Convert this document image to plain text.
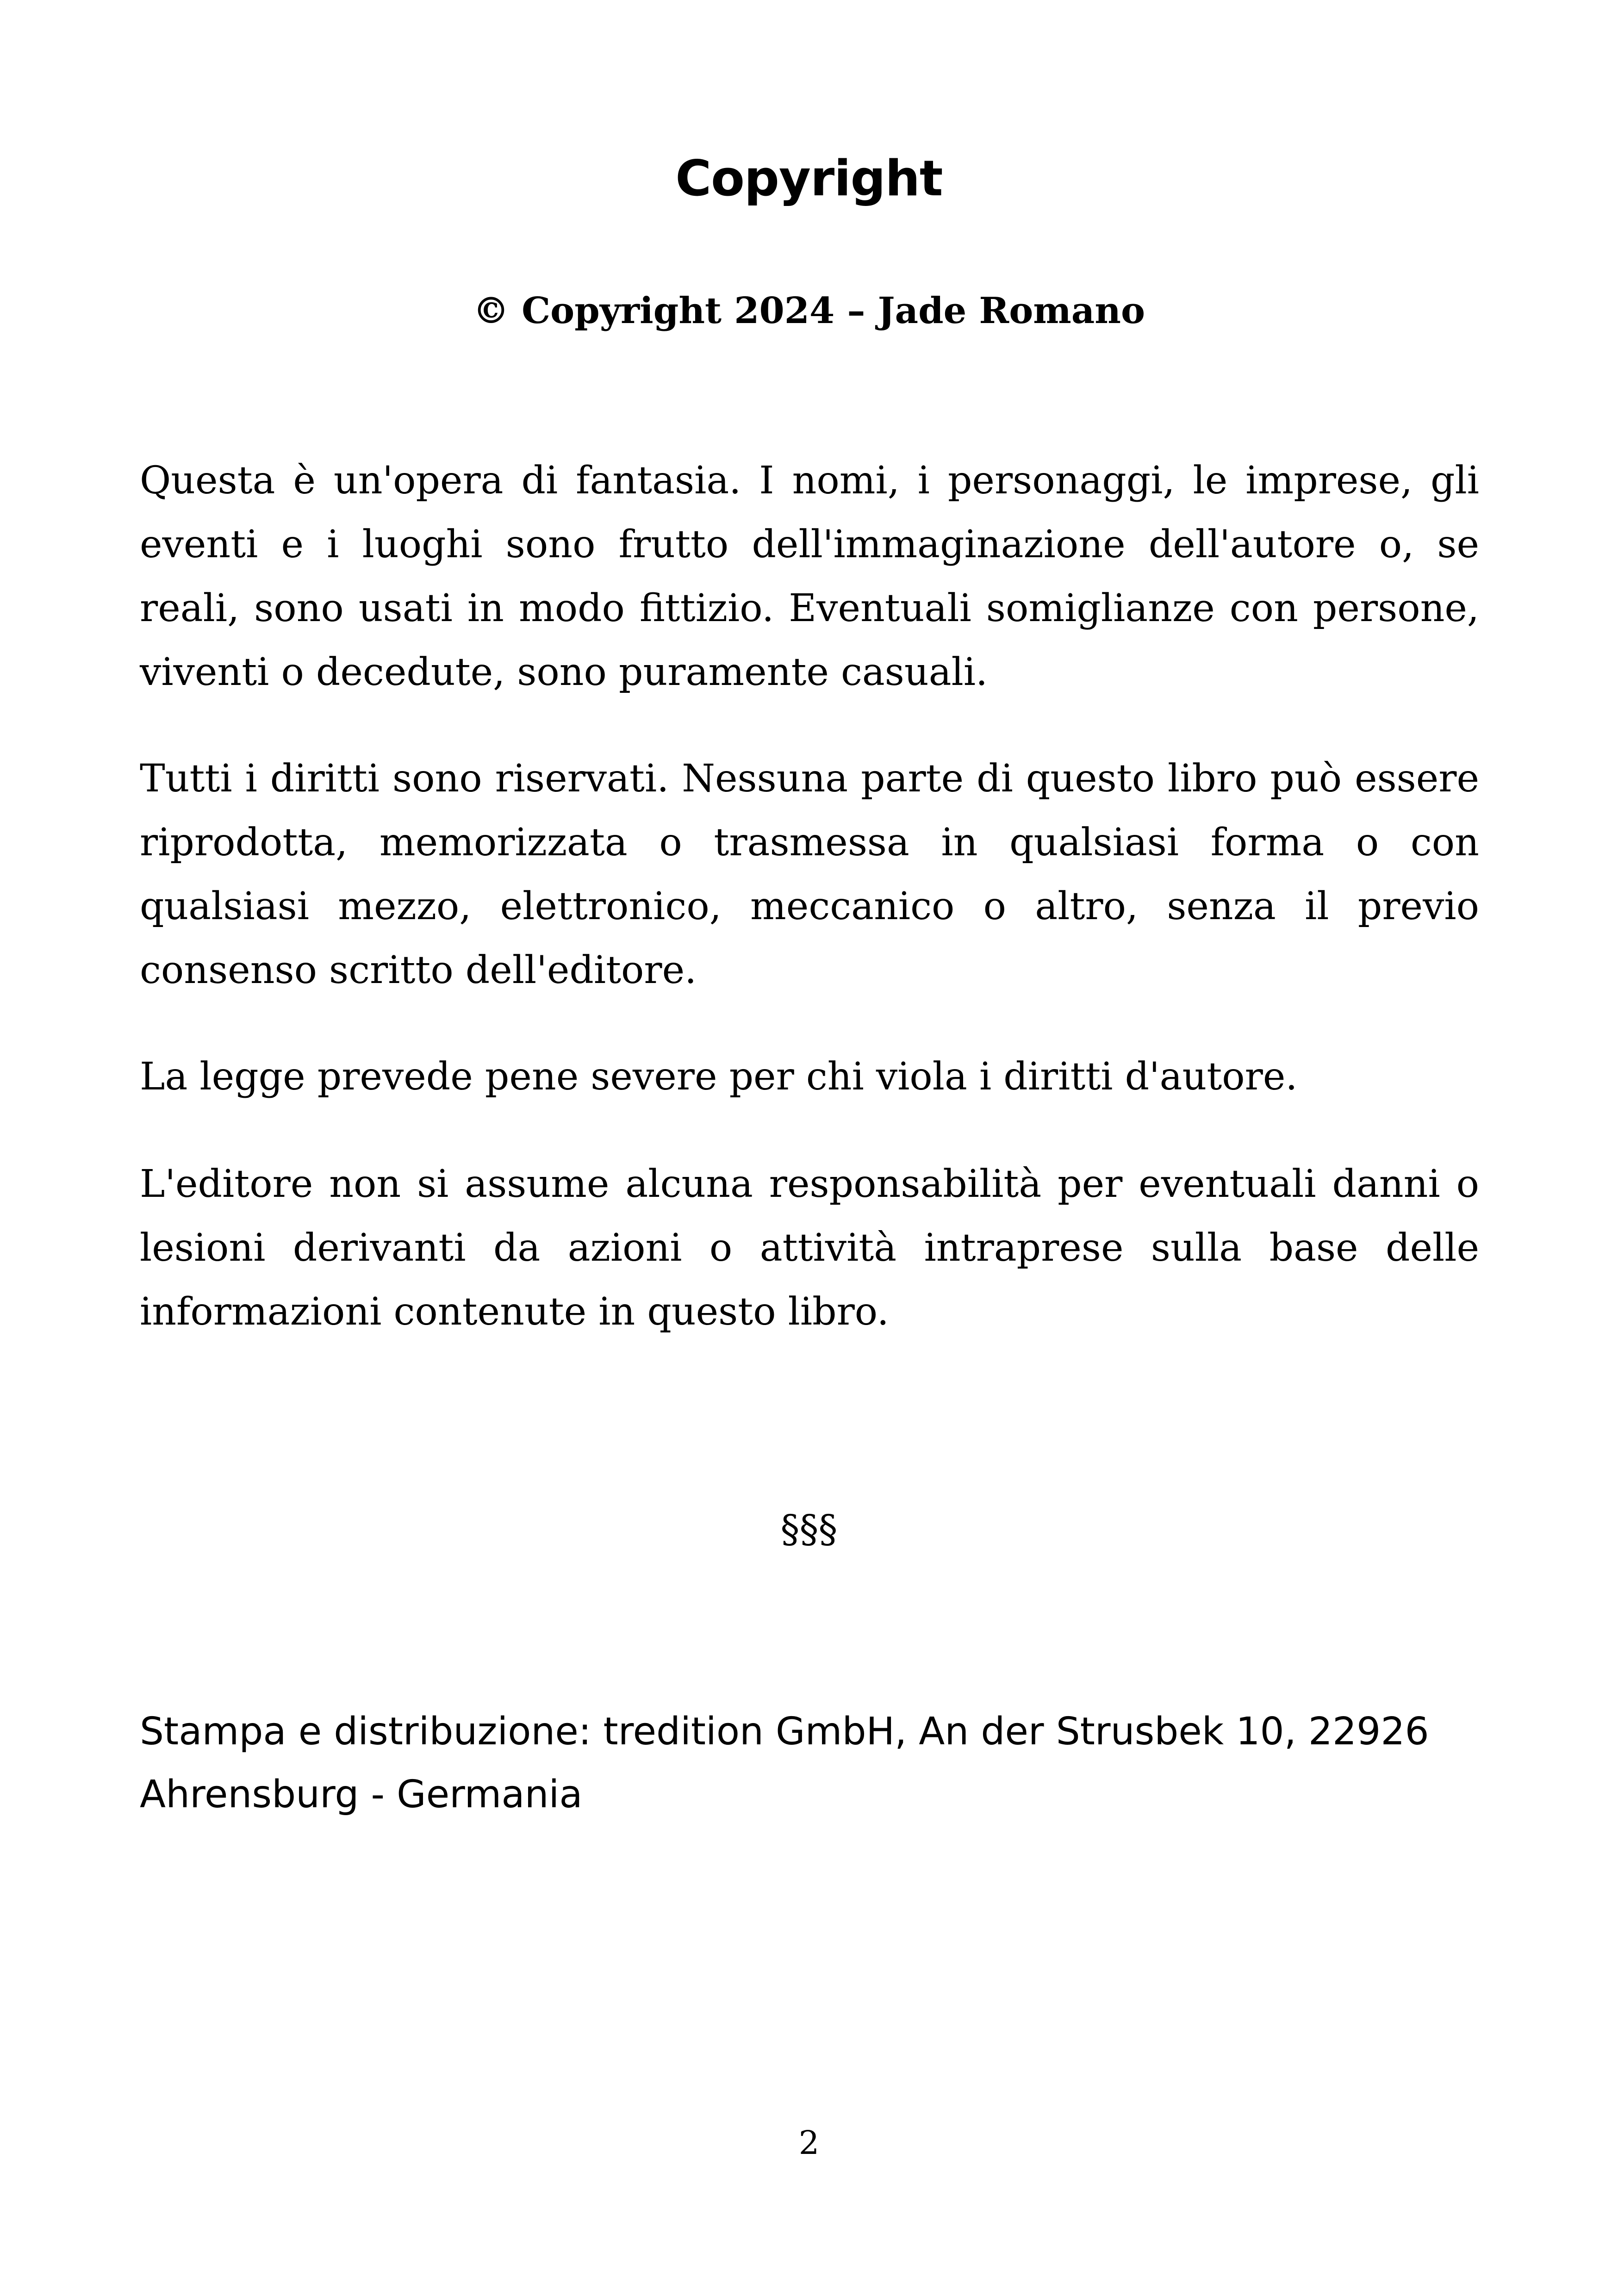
Copyright
© Copyright 2024 – Jade Romano

Questa è un'opera di fantasia. I nomi, i personaggi, le imprese, gli eventi e i luoghi sono frutto dell'immaginazione dell'autore o, se reali, sono usati in modo fittizio. Eventuali somiglianze con persone, viventi o decedute, sono puramente casuali.

Tutti i diritti sono riservati. Nessuna parte di questo libro può essere riprodotta, memorizzata o trasmessa in qualsiasi forma o con qualsiasi mezzo, elettronico, meccanico o altro, senza il previo consenso scritto dell'editore.

La legge prevede pene severe per chi viola i diritti d'autore.

L'editore non si assume alcuna responsabilità per eventuali danni o lesioni derivanti da azioni o attività intraprese sulla base delle informazioni contenute in questo libro.

§§§

Stampa e distribuzione: tredition GmbH, An der Strusbek 10, 22926 Ahrensburg - Germania

2
